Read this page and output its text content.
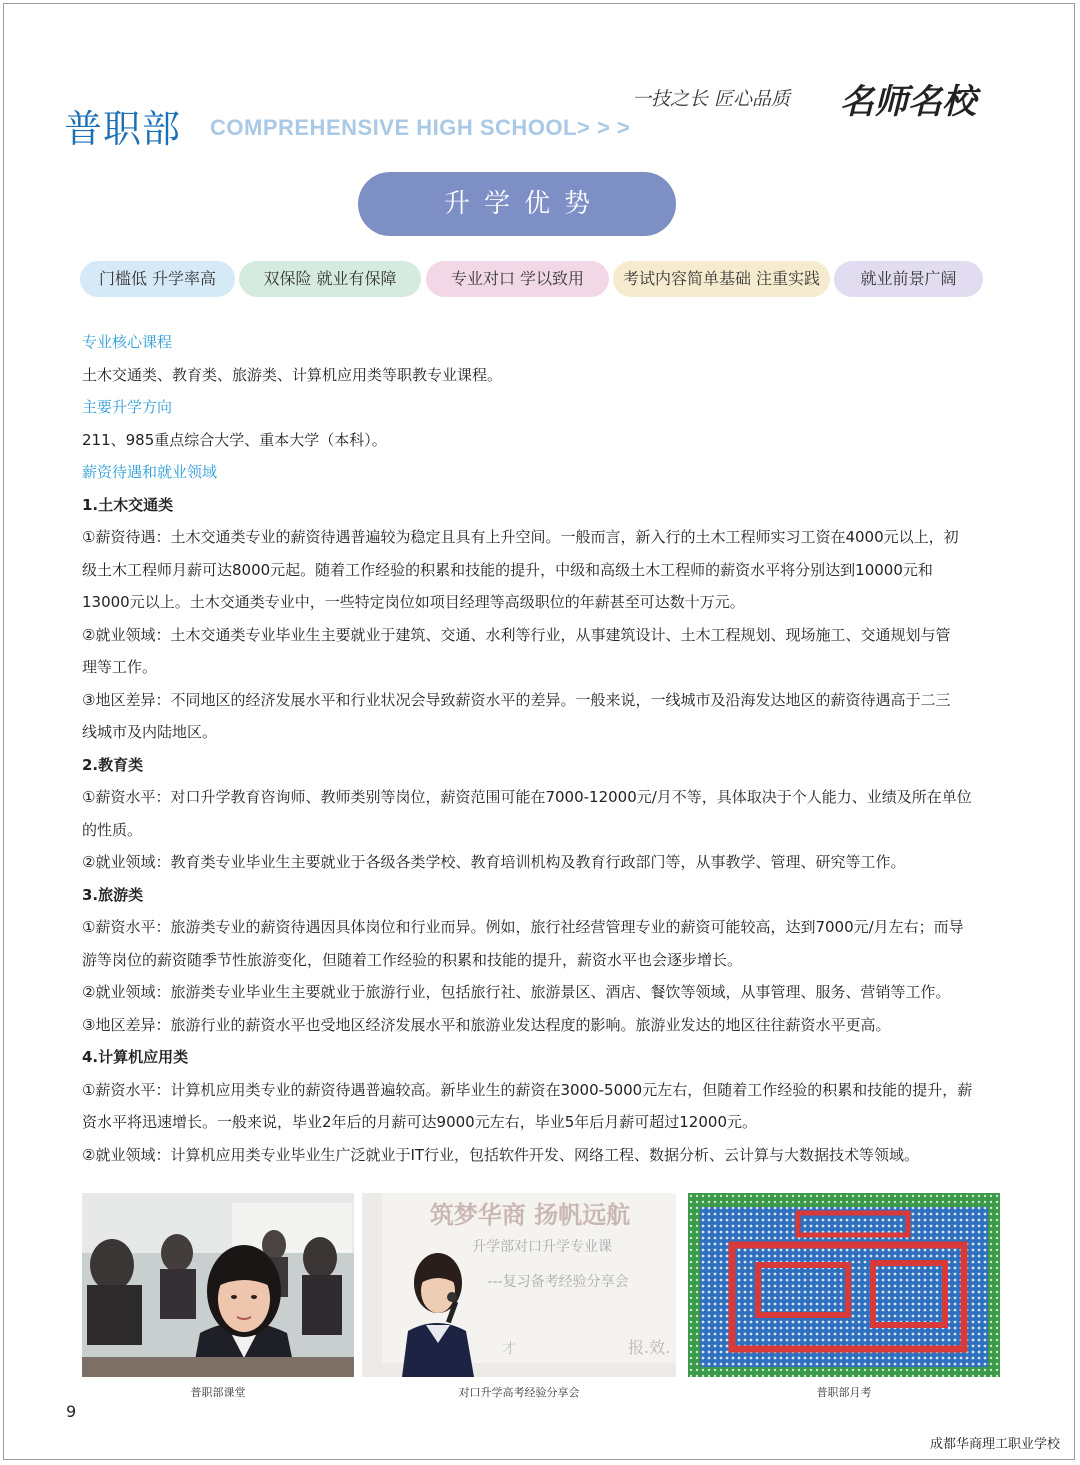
普职部 COMPREHENSIVE HIGH SCHOOL> > >
一技之长 匠心品质 名师名校
升学优势
门槛低 升学率高	双保险 就业有保障	专业对口 学以致用	考试内容简单基础 注重实践	就业前景广阔
专业核心课程
土木交通类、教育类、旅游类、计算机应用类等职教专业课程。
主要升学方向
211、985重点综合大学、重本大学（本科）。
薪资待遇和就业领域
1.土木交通类
①薪资待遇：土木交通类专业的薪资待遇普遍较为稳定且具有上升空间。一般而言，新入行的土木工程师实习工资在4000元以上，初
级土木工程师月薪可达8000元起。随着工作经验的积累和技能的提升，中级和高级土木工程师的薪资水平将分别达到10000元和
13000元以上。土木交通类专业中，一些特定岗位如项目经理等高级职位的年薪甚至可达数十万元。
②就业领域：土木交通类专业毕业生主要就业于建筑、交通、水利等行业，从事建筑设计、土木工程规划、现场施工、交通规划与管
理等工作。
③地区差异：不同地区的经济发展水平和行业状况会导致薪资水平的差异。一般来说，一线城市及沿海发达地区的薪资待遇高于二三
线城市及内陆地区。
2.教育类
①薪资水平：对口升学教育咨询师、教师类别等岗位，薪资范围可能在7000-12000元/月不等，具体取决于个人能力、业绩及所在单位
的性质。
②就业领域：教育类专业毕业生主要就业于各级各类学校、教育培训机构及教育行政部门等，从事教学、管理、研究等工作。
3.旅游类
①薪资水平：旅游类专业的薪资待遇因具体岗位和行业而异。例如，旅行社经营管理专业的薪资可能较高，达到7000元/月左右；而导
游等岗位的薪资随季节性旅游变化，但随着工作经验的积累和技能的提升，薪资水平也会逐步增长。
②就业领域：旅游类专业毕业生主要就业于旅游行业，包括旅行社、旅游景区、酒店、餐饮等领域，从事管理、服务、营销等工作。
③地区差异：旅游行业的薪资水平也受地区经济发展水平和旅游业发达程度的影响。旅游业发达的地区往往薪资水平更高。
4.计算机应用类
①薪资水平：计算机应用类专业的薪资待遇普遍较高。新毕业生的薪资在3000-5000元左右，但随着工作经验的积累和技能的提升，薪
资水平将迅速增长。一般来说，毕业2年后的月薪可达9000元左右，毕业5年后月薪可超过12000元。
②就业领域：计算机应用类专业毕业生广泛就业于IT行业，包括软件开发、网络工程、数据分析、云计算与大数据技术等领域。
普职部课堂
筑梦华商 扬帆远航
升学部对口升学专业课
---复习备考经验分享会
才	报.效.
对口升学高考经验分享会	普职部月考
9
成都华商理工职业学校
